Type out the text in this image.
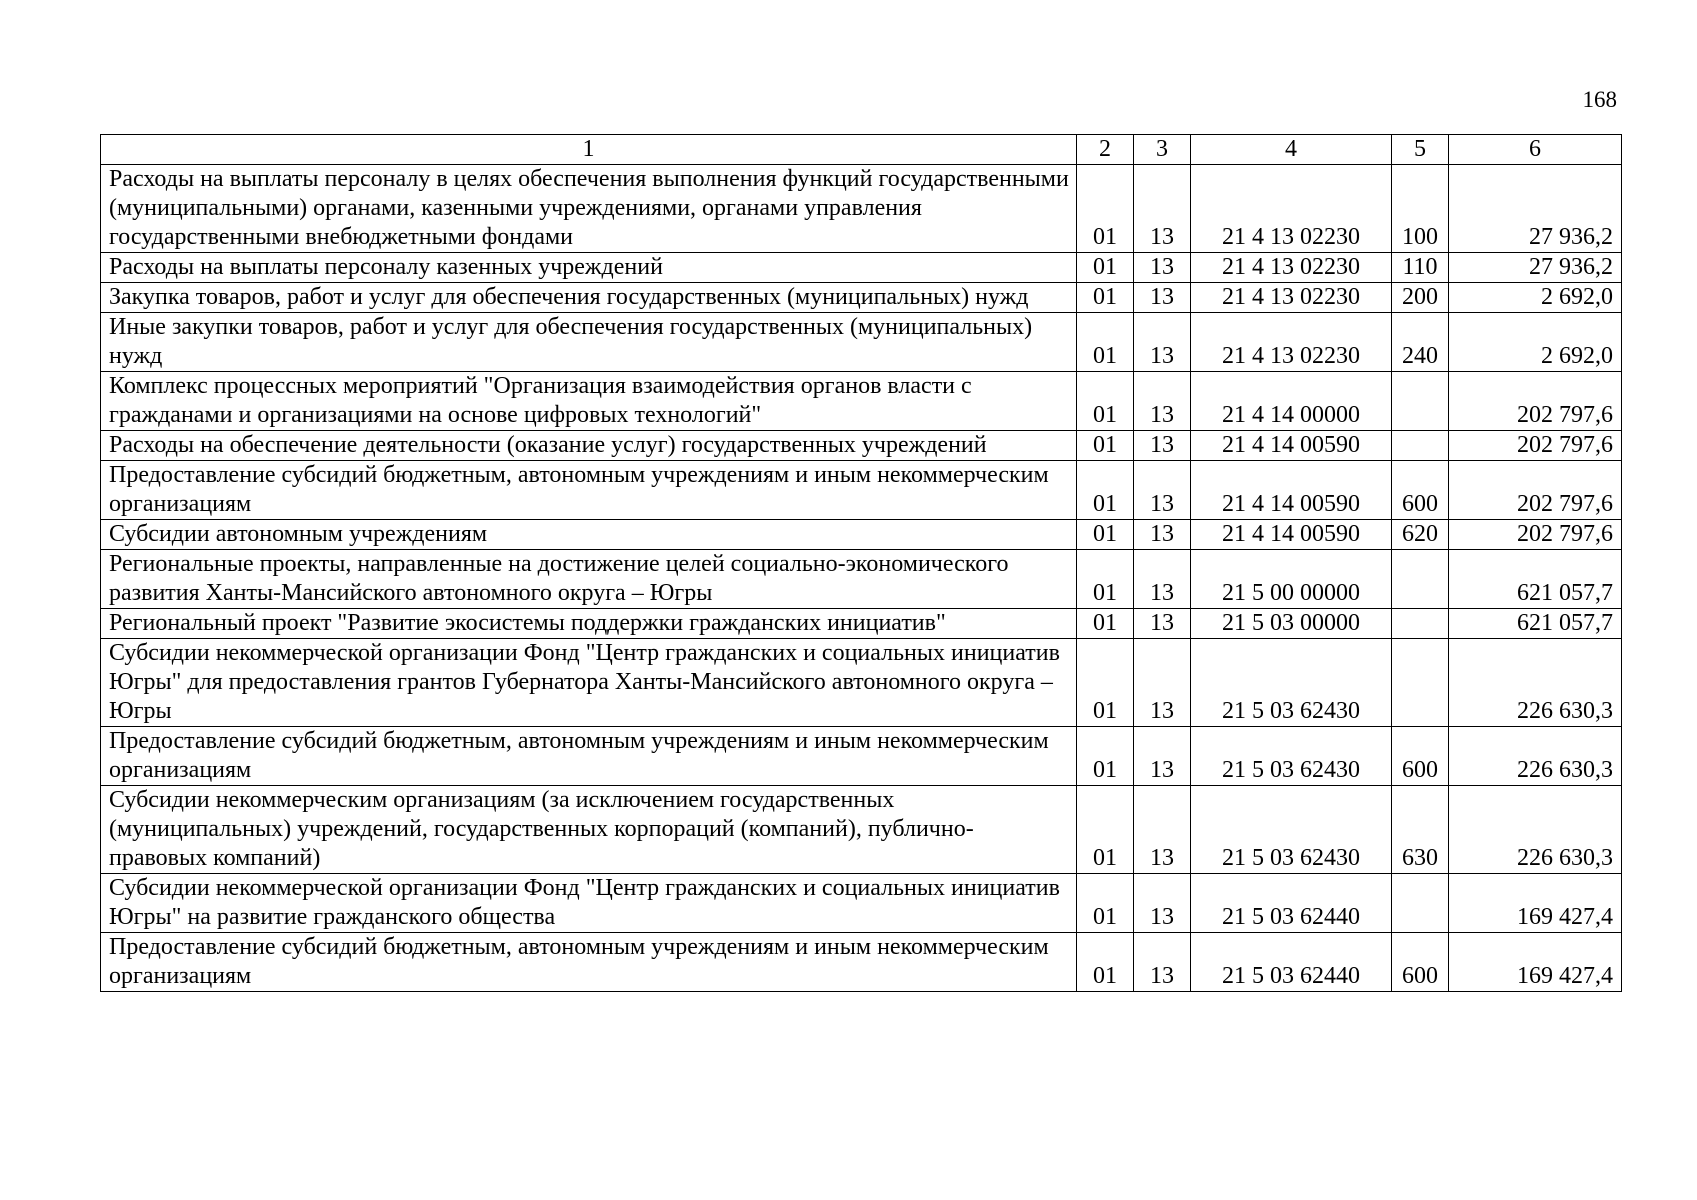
168
1	2	3	4	5	6
Расходы на выплаты персоналу в целях обеспечения выполнения функций государственными (муниципальными) органами, казенными учреждениями, органами управления государственными внебюджетными фондами	01	13	21 4 13 02230	100	27 936,2
Расходы на выплаты персоналу казенных учреждений	01	13	21 4 13 02230	110	27 936,2
Закупка товаров, работ и услуг для обеспечения государственных (муниципальных) нужд	01	13	21 4 13 02230	200	2 692,0
Иные закупки товаров, работ и услуг для обеспечения государственных (муниципальных) нужд	01	13	21 4 13 02230	240	2 692,0
Комплекс процессных мероприятий "Организация взаимодействия органов власти с гражданами и организациями на основе цифровых технологий"	01	13	21 4 14 00000		202 797,6
Расходы на обеспечение деятельности (оказание услуг) государственных учреждений	01	13	21 4 14 00590		202 797,6
Предоставление субсидий бюджетным, автономным учреждениям и иным некоммерческим организациям	01	13	21 4 14 00590	600	202 797,6
Субсидии автономным учреждениям	01	13	21 4 14 00590	620	202 797,6
Региональные проекты, направленные на достижение целей социально-экономического развития Ханты-Мансийского автономного округа – Югры	01	13	21 5 00 00000		621 057,7
Региональный проект "Развитие экосистемы поддержки гражданских инициатив"	01	13	21 5 03 00000		621 057,7
Субсидии некоммерческой организации Фонд "Центр гражданских и социальных инициатив Югры" для предоставления грантов Губернатора Ханты-Мансийского автономного округа – Югры	01	13	21 5 03 62430		226 630,3
Предоставление субсидий бюджетным, автономным учреждениям и иным некоммерческим организациям	01	13	21 5 03 62430	600	226 630,3
Субсидии некоммерческим организациям (за исключением государственных (муниципальных) учреждений, государственных корпораций (компаний), публично-правовых компаний)	01	13	21 5 03 62430	630	226 630,3
Субсидии некоммерческой организации Фонд "Центр гражданских и социальных инициатив Югры" на развитие гражданского общества	01	13	21 5 03 62440		169 427,4
Предоставление субсидий бюджетным, автономным учреждениям и иным некоммерческим организациям	01	13	21 5 03 62440	600	169 427,4
